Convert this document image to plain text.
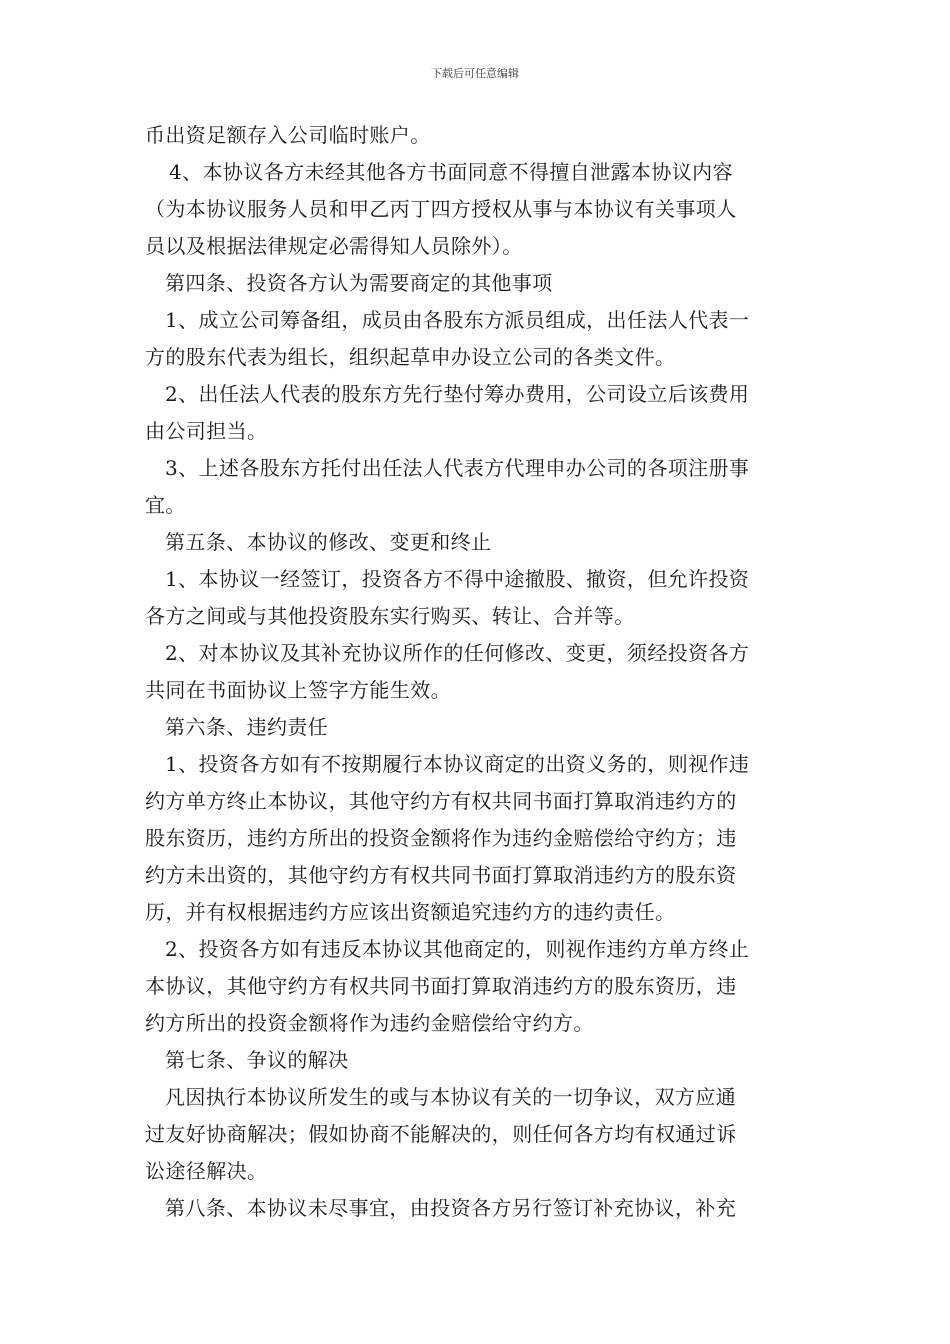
下载后可任意编辑
币出资足额存入公司临时账户。
4、本协议各方未经其他各方书面同意不得擅自泄露本协议内容
（为本协议服务人员和甲乙丙丁四方授权从事与本协议有关事项人
员以及根据法律规定必需得知人员除外）。
第四条、投资各方认为需要商定的其他事项
1、成立公司筹备组，成员由各股东方派员组成，出任法人代表一
方的股东代表为组长，组织起草申办设立公司的各类文件。
2、出任法人代表的股东方先行垫付筹办费用，公司设立后该费用
由公司担当。
3、上述各股东方托付出任法人代表方代理申办公司的各项注册事
宜。
第五条、本协议的修改、变更和终止
1、本协议一经签订，投资各方不得中途撤股、撤资，但允许投资
各方之间或与其他投资股东实行购买、转让、合并等。
2、对本协议及其补充协议所作的任何修改、变更，须经投资各方
共同在书面协议上签字方能生效。
第六条、违约责任
1、投资各方如有不按期履行本协议商定的出资义务的，则视作违
约方单方终止本协议，其他守约方有权共同书面打算取消违约方的
股东资历，违约方所出的投资金额将作为违约金赔偿给守约方；违
约方未出资的，其他守约方有权共同书面打算取消违约方的股东资
历，并有权根据违约方应该出资额追究违约方的违约责任。
2、投资各方如有违反本协议其他商定的，则视作违约方单方终止
本协议，其他守约方有权共同书面打算取消违约方的股东资历，违
约方所出的投资金额将作为违约金赔偿给守约方。
第七条、争议的解决
凡因执行本协议所发生的或与本协议有关的一切争议，双方应通
过友好协商解决；假如协商不能解决的，则任何各方均有权通过诉
讼途径解决。
第八条、本协议未尽事宜，由投资各方另行签订补充协议，补充
